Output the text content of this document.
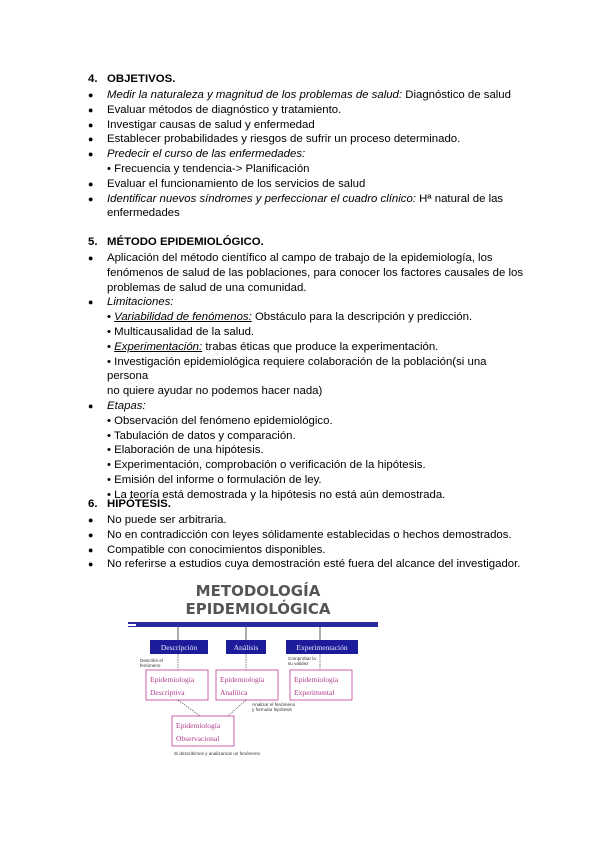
4. OBJETIVOS.
● Medir la naturaleza y magnitud de los problemas de salud: Diagnóstico de salud
● Evaluar métodos de diagnóstico y tratamiento.
● Investigar causas de salud y enfermedad
● Establecer probabilidades y riesgos de sufrir un proceso determinado.
● Predecir el curso de las enfermedades:
• Frecuencia y tendencia-> Planificación
● Evaluar el funcionamiento de los servicios de salud
● Identificar nuevos síndromes y perfeccionar el cuadro clínico: Hª natural de las
enfermedades
5. MÉTODO EPIDEMIOLÓGICO.
● Aplicación del método científico al campo de trabajo de la epidemiología, los
fenómenos de salud de las poblaciones, para conocer los factores causales de los
problemas de salud de una comunidad.
● Limitaciones:
• Variabilidad de fenómenos: Obstáculo para la descripción y predicción.
• Multicausalidad de la salud.
• Experimentación: trabas éticas que produce la experimentación.
• Investigación epidemiológica requiere colaboración de la población(si una persona
no quiere ayudar no podemos hacer nada)
● Etapas:
• Observación del fenómeno epidemiológico.
• Tabulación de datos y comparación.
• Elaboración de una hipótesis.
• Experimentación, comprobación o verificación de la hipótesis.
• Emisión del informe o formulación de ley.
• La teoría está demostrada y la hipótesis no está aún demostrada.
6. HIPÓTESIS.
● No puede ser arbitraria.
● No en contradicción con leyes sólidamente establecidas o hechos demostrados.
● Compatible con conocimientos disponibles.
● No referirse a estudios cuya demostración esté fuera del alcance del investigador.
METODOLOGÍA
EPIDEMIOLÓGICA
Descripción	Análisis	Experimentación
Describir el
fenómeno
Comprobar la
su validez
Epidemiología
Descriptiva
Epidemiología
Analítica
Epidemiología
Experimental
Analizar el fenómeno
y formular hipótesis
Epidemiología
Observacional
Si describimos y analizamos un fenómeno
